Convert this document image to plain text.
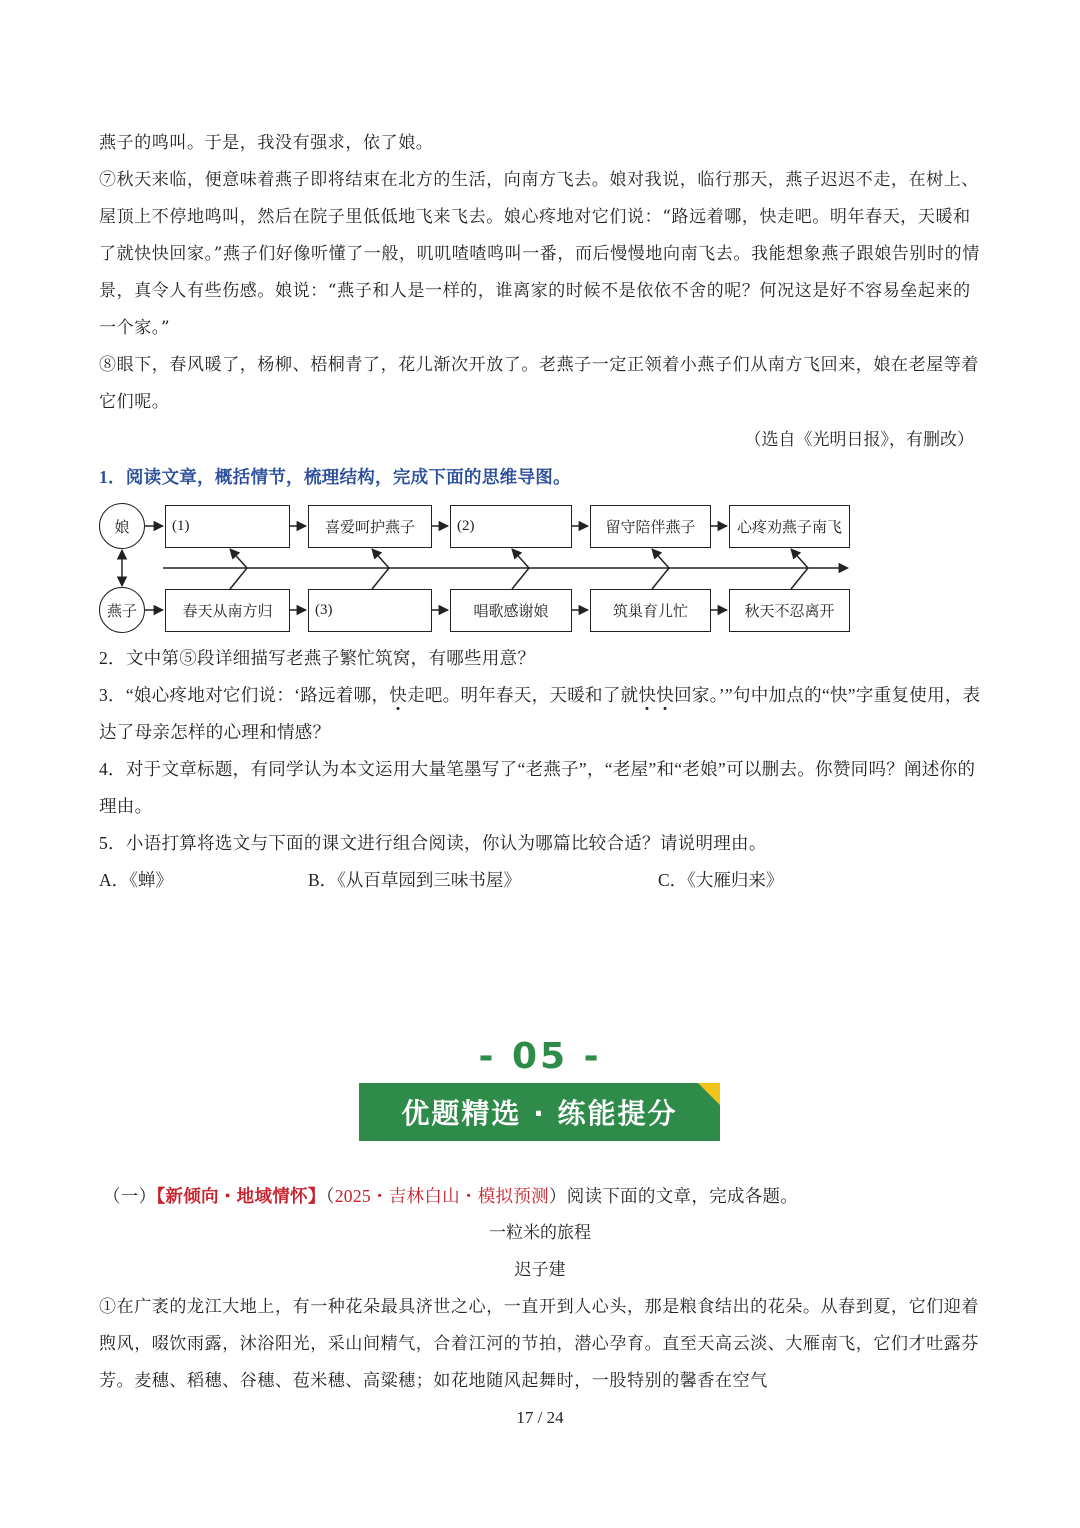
燕子的鸣叫。于是，我没有强求，依了娘。

⑦秋天来临，便意味着燕子即将结束在北方的生活，向南方飞去。娘对我说，临行那天，燕子迟迟不走，在树上、屋顶上不停地鸣叫，然后在院子里低低地飞来飞去。娘心疼地对它们说：“路远着哪，快走吧。明年春天，天暖和了就快快回家。”燕子们好像听懂了一般，叽叽喳喳鸣叫一番，而后慢慢地向南飞去。我能想象燕子跟娘告别时的情景，真令人有些伤感。娘说：“燕子和人是一样的，谁离家的时候不是依依不舍的呢？何况这是好不容易垒起来的一个家。”

⑧眼下，春风暖了，杨柳、梧桐青了，花儿渐次开放了。老燕子一定正领着小燕子们从南方飞回来，娘在老屋等着它们呢。

（选自《光明日报》，有删改）

1．阅读文章，概括情节，梳理结构，完成下面的思维导图。

娘
燕子
(1)	喜爱呵护燕子	(2)	留守陪伴燕子	心疼劝燕子南飞
春天从南方归	(3)	唱歌感谢娘	筑巢育儿忙	秋天不忍离开

2．文中第⑤段详细描写老燕子繁忙筑窝，有哪些用意？

3．“娘心疼地对它们说：‘路远着哪，快走吧。明年春天，天暖和了就快快回家。’”句中加点的“快”字重复使用，表达了母亲怎样的心理和情感？

4．对于文章标题，有同学认为本文运用大量笔墨写了“老燕子”，“老屋”和“老娘”可以删去。你赞同吗？阐述你的理由。

5．小语打算将选文与下面的课文进行组合阅读，你认为哪篇比较合适？请说明理由。

A．《蝉》	B．《从百草园到三味书屋》	C．《大雁归来》
- 05 -
优题精选 · 练能提分

（一）【新倾向・地域情怀】（2025・吉林白山・模拟预测）阅读下面的文章，完成各题。

一粒米的旅程
迟子建

①在广袤的龙江大地上，有一种花朵最具济世之心，一直开到人心头，那是粮食结出的花朵。从春到夏，它们迎着煦风，啜饮雨露，沐浴阳光，采山间精气，合着江河的节拍，潜心孕育。直至天高云淡、大雁南飞，它们才吐露芬芳。麦穗、稻穗、谷穗、苞米穗、高粱穗；如花地随风起舞时，一股特别的馨香在空气

17 / 24
